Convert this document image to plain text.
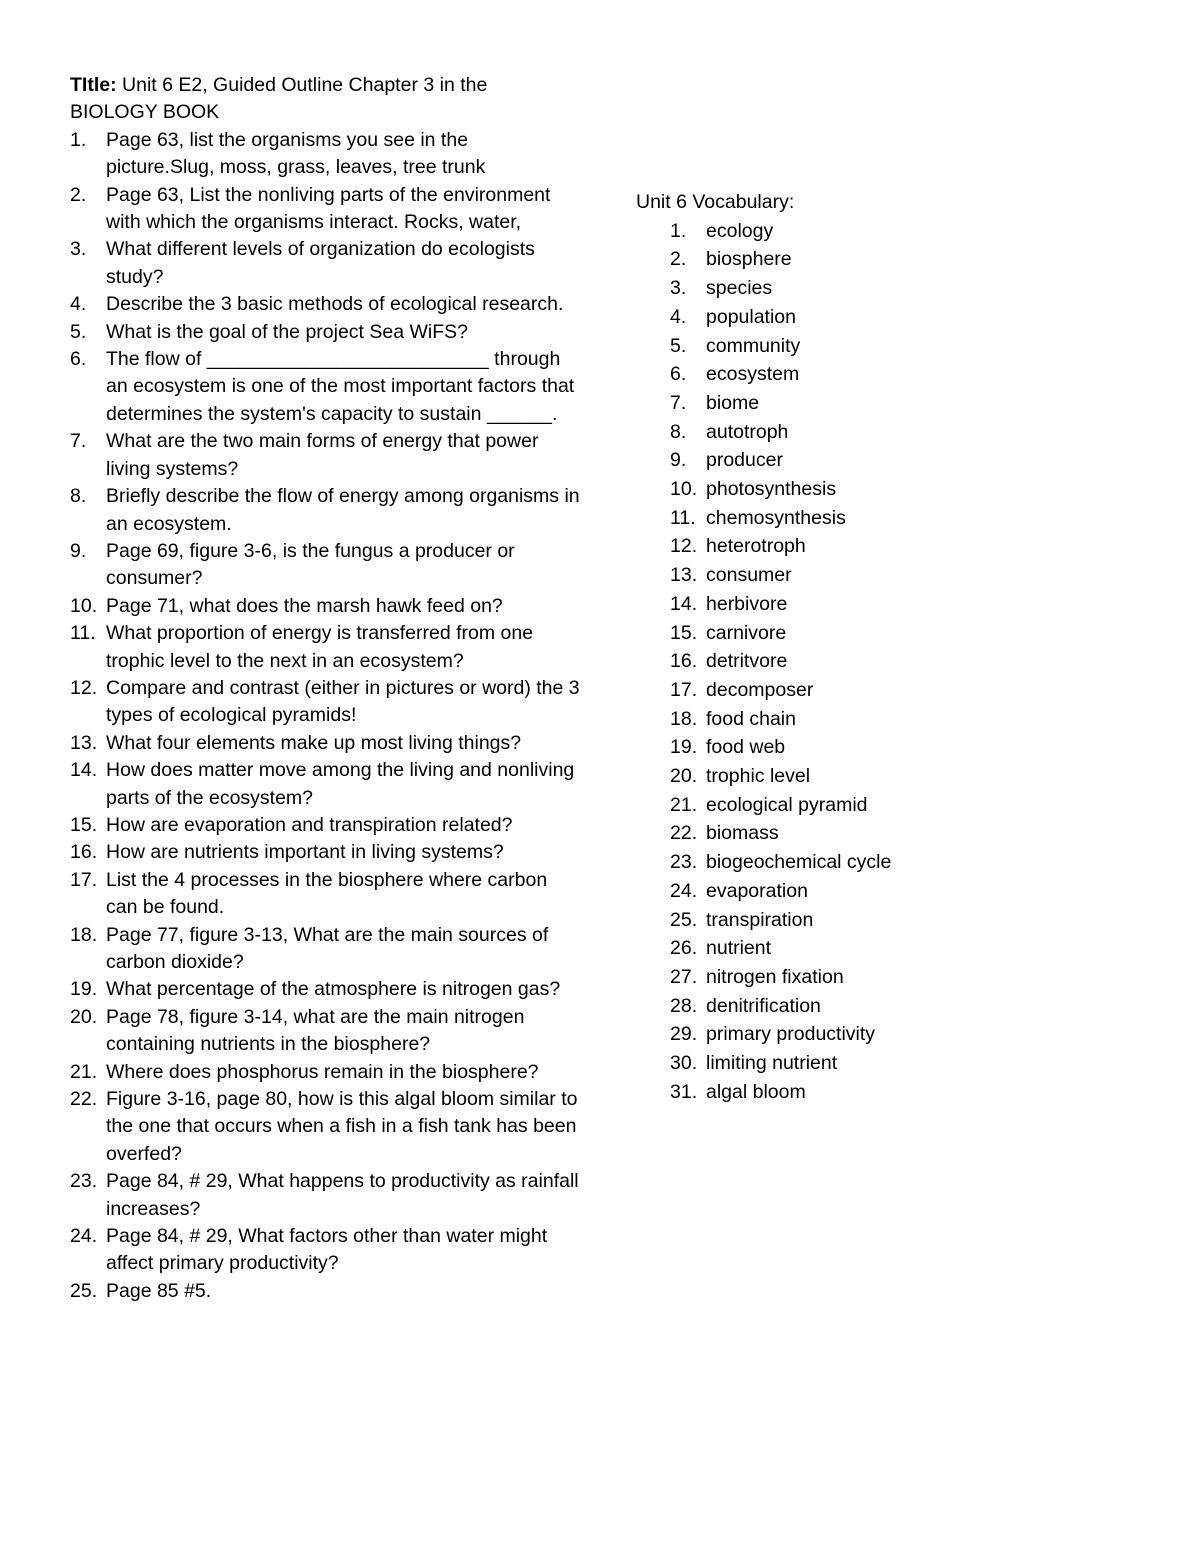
TItle: Unit 6 E2, Guided Outline Chapter 3 in the BIOLOGY BOOK
1. Page 63, list the organisms you see in the picture.Slug, moss, grass, leaves, tree trunk
2. Page 63, List the nonliving parts of the environment with which the organisms interact. Rocks, water,
3. What different levels of organization do ecologists study?
4. Describe the 3 basic methods of ecological research.
5. What is the goal of the project Sea WiFS?
6. The flow of __________________________ through an ecosystem is one of the most important factors that determines the system's capacity to sustain ______.
7. What are the two main forms of energy that power living systems?
8. Briefly describe the flow of energy among organisms in an ecosystem.
9. Page 69, figure 3-6, is the fungus a producer or consumer?
10. Page 71, what does the marsh hawk feed on?
11. What proportion of energy is transferred from one trophic level to the next in an ecosystem?
12. Compare and contrast (either in pictures or word) the 3 types of ecological pyramids!
13. What four elements make up most living things?
14. How does matter move among the living and nonliving parts of the ecosystem?
15. How are evaporation and transpiration related?
16. How are nutrients important in living systems?
17. List the 4 processes in the biosphere where carbon can be found.
18. Page 77, figure 3-13, What are the main sources of carbon dioxide?
19. What percentage of the atmosphere is nitrogen gas?
20. Page 78, figure 3-14, what are the main nitrogen containing nutrients in the biosphere?
21. Where does phosphorus remain in the biosphere?
22. Figure 3-16, page 80, how is this algal bloom similar to the one that occurs when a fish in a fish tank has been overfed?
23. Page 84, # 29, What happens to productivity as rainfall increases?
24. Page 84, # 29, What factors other than water might affect primary productivity?
25. Page 85 #5.
Unit 6 Vocabulary:
1. ecology
2. biosphere
3. species
4. population
5. community
6. ecosystem
7. biome
8. autotroph
9. producer
10. photosynthesis
11. chemosynthesis
12. heterotroph
13. consumer
14. herbivore
15. carnivore
16. detritvore
17. decomposer
18. food chain
19. food web
20. trophic level
21. ecological pyramid
22. biomass
23. biogeochemical cycle
24. evaporation
25. transpiration
26. nutrient
27. nitrogen fixation
28. denitrification
29. primary productivity
30. limiting nutrient
31. algal bloom
